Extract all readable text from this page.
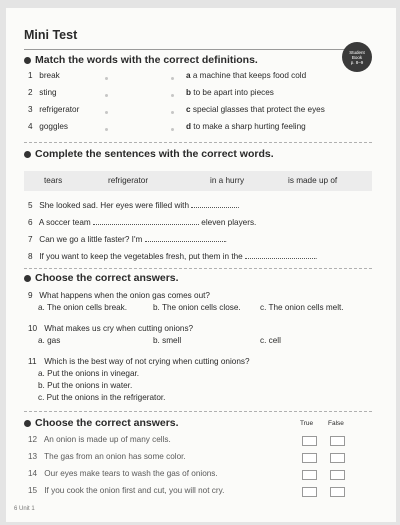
Mini Test
Student
Book
p. 8–9
Match the words with the correct definitions.
1 break	a a machine that keeps food cold
2 sting	b to be apart into pieces
3 refrigerator	c special glasses that protect the eyes
4 goggles	d to make a sharp hurting feeling
Complete the sentences with the correct words.
tears	refrigerator	in a hurry	is made up of
5 She looked sad. Her eyes were filled with	.
6 A soccer team	eleven players.
7 Can we go a little faster? I'm	.
8 If you want to keep the vegetables fresh, put them in the	.
Choose the correct answers.
9 What happens when the onion gas comes out?
a. The onion cells break.	b. The onion cells close. c. The onion cells melt.
10 What makes us cry when cutting onions?
a. gas	b. smell	c. cell
11 Which is the best way of not crying when cutting onions?
a. Put the onions in vinegar.
b. Put the onions in water.
c. Put the onions in the refrigerator.
Choose the correct answers.	True False
12 An onion is made up of many cells.
13 The gas from an onion has some color.
14 Our eyes make tears to wash the gas of onions.
15 If you cook the onion first and cut, you will not cry.
6 Unit 1
